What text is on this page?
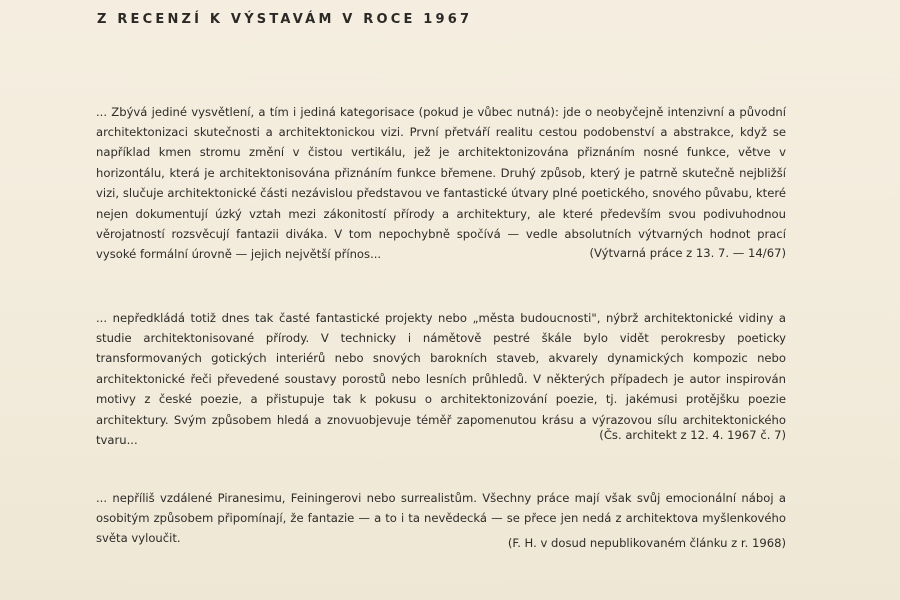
Z RECENZÍ K VÝSTAVÁM V ROCE 1967

... Zbývá jediné vysvětlení, a tím i jediná kategorisace (pokud je vůbec nutná): jde o neobyčejně intenzivní a původní architektonizaci skutečnosti a architektonickou vizi. První přetváří realitu cestou podobenství a abstrakce, když se například kmen stromu změní v čistou vertikálu, jež je architektonizována přiznáním nosné funkce, větve v horizontálu, která je architektonisována přiznáním funkce břemene. Druhý způsob, který je patrně skutečně nejbližší vizi, slučuje architektonické části nezávislou představou ve fantastické útvary plné poetického, snového půvabu, které nejen dokumentují úzký vztah mezi zákonitostí přírody a architektury, ale které především svou podivuhodnou věrojatností rozsvěcují fantazii diváka. V tom nepochybně spočívá — vedle absolutních výtvarných hodnot prací vysoké formální úrovně — jejich největší přínos...	(Výtvarná práce z 13. 7. — 14/67)

... nepředkládá totiž dnes tak časté fantastické projekty nebo „města budoucnosti", nýbrž architektonické vidiny a studie architektonisované přírody. V technicky i námětově pestré škále bylo vidět perokresby poeticky transformovaných gotických interiérů nebo snových barokních staveb, akvarely dynamických kompozic nebo architektonické řeči převedené soustavy porostů nebo lesních průhledů. V některých případech je autor inspirován motivy z české poezie, a přistupuje tak k pokusu o architektonizování poezie, tj. jakémusi protějšku poezie architektury. Svým způsobem hledá a znovuobjevuje téměř zapomenutou krásu a výrazovou sílu architektonického tvaru...	(Čs. architekt z 12. 4. 1967 č. 7)

... nepříliš vzdálené Piranesimu, Feiningerovi nebo surrealistům. Všechny práce mají však svůj emocionální náboj a osobitým způsobem připomínají, že fantazie — a to i ta nevědecká — se přece jen nedá z architektova myšlenkového světa vyloučit.	(F. H. v dosud nepublikovaném článku z r. 1968)
